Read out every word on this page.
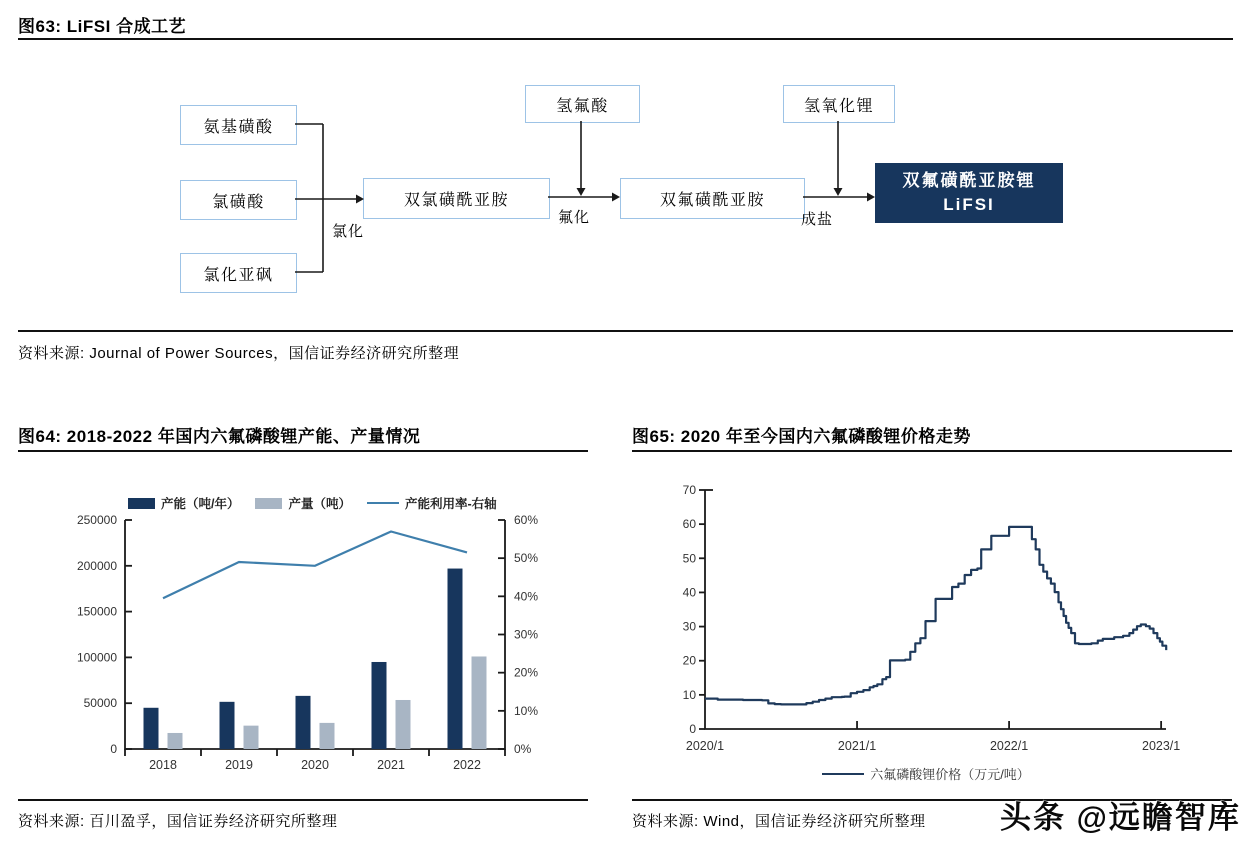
图63: LiFSI 合成工艺
氨基磺酸
氯磺酸
氯化亚砜
氢氟酸
双氯磺酰亚胺	双氟磺酰亚胺
氢氧化锂
双氟磺酰亚胺锂
LiFSI
氯化
氟化	成盐
资料来源: Journal of Power Sources，国信证券经济研究所整理
图64: 2018-2022 年国内六氟磷酸锂产能、产量情况
产能（吨/年）	产量（吨）	产能利用率-右轴
0
50000
100000
150000
200000
250000
0%
10%
20%
30%
40%
50%
60%
2018	2019	2020	2021	2022
资料来源: 百川盈孚，国信证券经济研究所整理
图65: 2020 年至今国内六氟磷酸锂价格走势
0
10
20
30
40
50
60
70
2020/1	2021/1	2022/1	2023/1
六氟磷酸锂价格（万元/吨）
资料来源: Wind，国信证券经济研究所整理 头条 @远瞻智库
